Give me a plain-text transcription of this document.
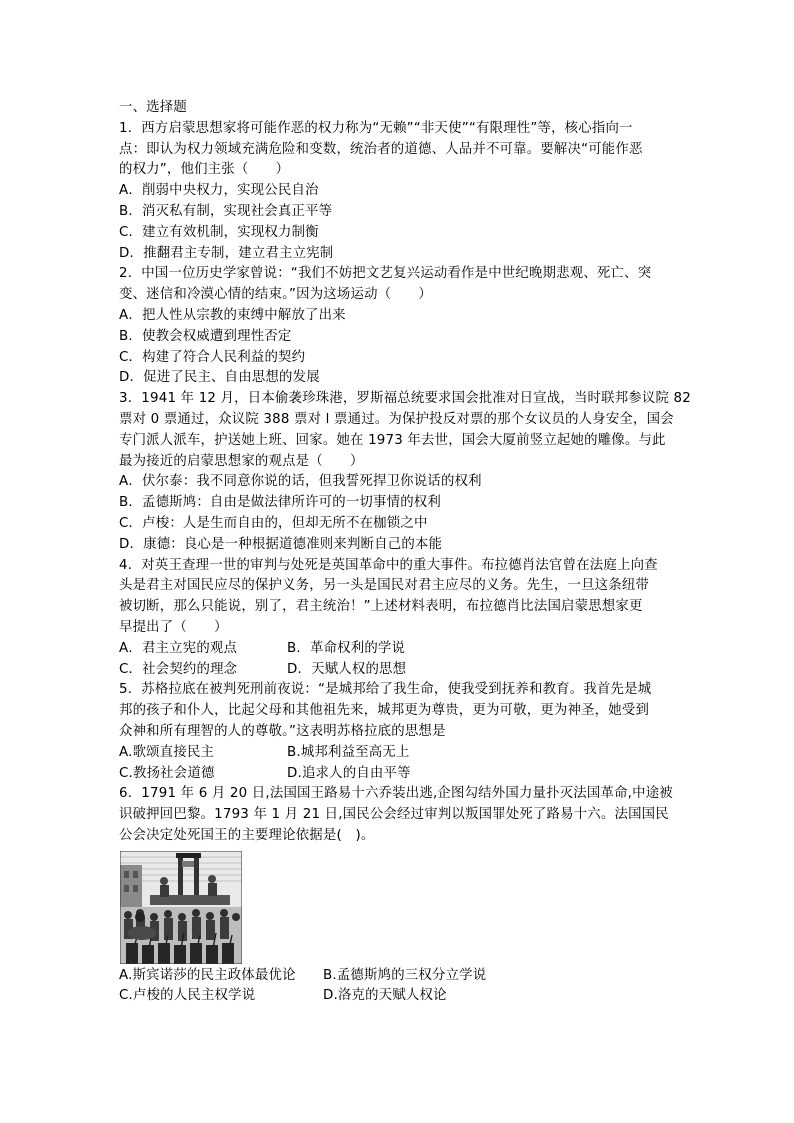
一、选择题
1．西方启蒙思想家将可能作恶的权力称为“无赖”“非天使”“有限理性”等，核心指向一
点：即认为权力领域充满危险和变数，统治者的道德、人品并不可靠。要解决“可能作恶
的权力”，他们主张（　　）
A．削弱中央权力，实现公民自治
B．消灭私有制，实现社会真正平等
C．建立有效机制，实现权力制衡
D．推翻君主专制，建立君主立宪制
2．中国一位历史学家曾说：“我们不妨把文艺复兴运动看作是中世纪晚期悲观、死亡、突
变、迷信和冷漠心情的结束。”因为这场运动（　　）
A．把人性从宗教的束缚中解放了出来
B．使教会权威遭到理性否定
C．构建了符合人民利益的契约
D．促进了民主、自由思想的发展
3．1941 年 12 月，日本偷袭珍珠港，罗斯福总统要求国会批准对日宣战，当时联邦参议院 82
票对 0 票通过，众议院 388 票对 l 票通过。为保护投反对票的那个女议员的人身安全，国会
专门派人派车，护送她上班、回家。她在 1973 年去世，国会大厦前竖立起她的雕像。与此
最为接近的启蒙思想家的观点是（　　）
A．伏尔泰：我不同意你说的话，但我誓死捍卫你说话的权利
B．孟德斯鸠：自由是做法律所许可的一切事情的权利
C．卢梭：人是生而自由的，但却无所不在枷锁之中
D．康德：良心是一种根据道德准则来判断自己的本能
4．对英王查理一世的审判与处死是英国革命中的重大事件。布拉德肖法官曾在法庭上向查
头是君主对国民应尽的保护义务，另一头是国民对君主应尽的义务。先生，一旦这条纽带
被切断，那么只能说，别了，君主统治！”上述材料表明，布拉德肖比法国启蒙思想家更
早提出了（　　）
A．君主立宪的观点	B．革命权利的学说
C．社会契约的理念	D．天赋人权的思想
5．苏格拉底在被判死刑前夜说：“是城邦给了我生命，使我受到抚养和教育。我首先是城
邦的孩子和仆人，比起父母和其他祖先来，城邦更为尊贵，更为可敬，更为神圣，她受到
众神和所有理智的人的尊敬。”这表明苏格拉底的思想是
A.歌颂直接民主	B.城邦利益至高无上
C.教扬社会道德	D.追求人的自由平等
6．1791 年 6 月 20 日,法国国王路易十六乔装出逃,企图勾结外国力量扑灭法国革命,中途被
识破押回巴黎。1793 年 1 月 21 日,国民公会经过审判以叛国罪处死了路易十六。法国国民
公会决定处死国王的主要理论依据是(　)。
A.斯宾诺莎的民主政体最优论	B.孟德斯鸠的三权分立学说
C.卢梭的人民主权学说	D.洛克的天赋人权论
